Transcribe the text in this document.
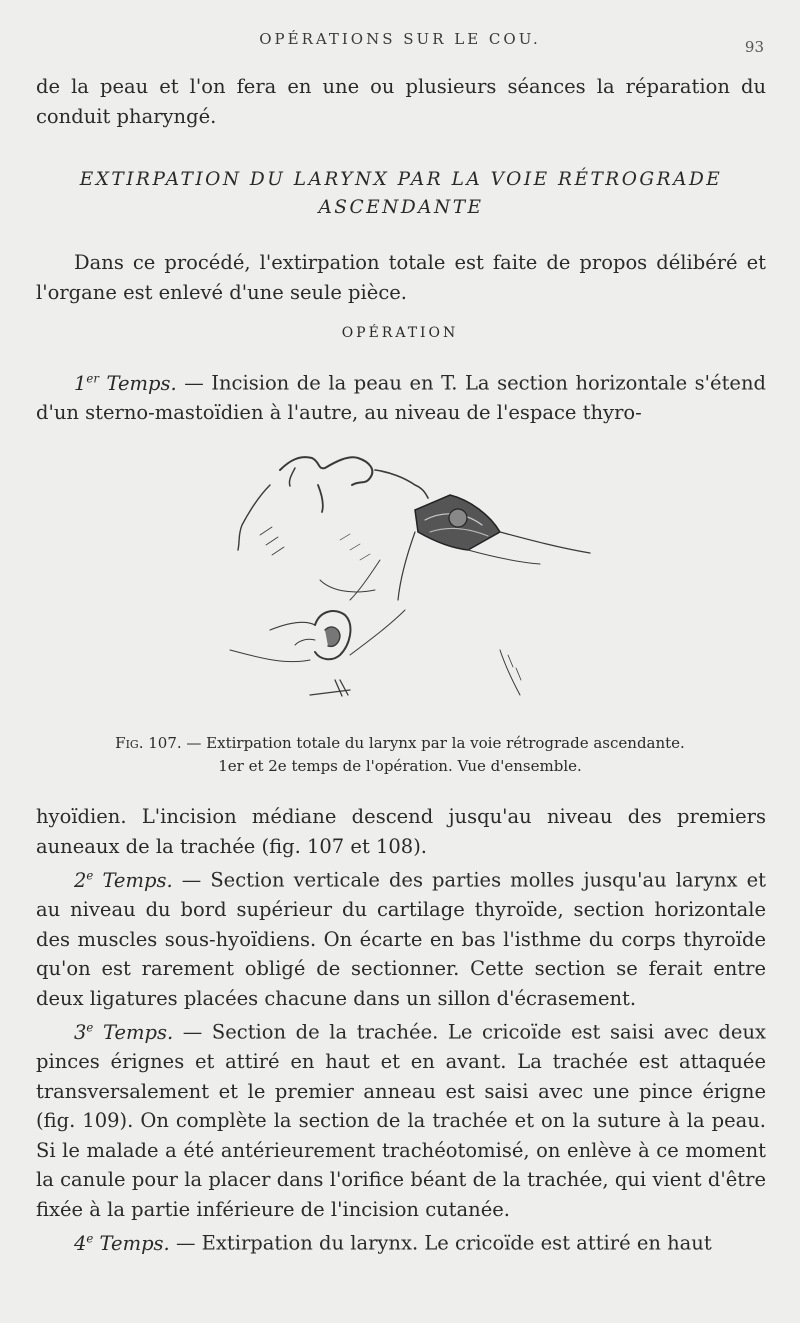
OPÉRATIONS SUR LE COU.	93

de la peau et l'on fera en une ou plusieurs séances la réparation du conduit pharyngé.

EXTIRPATION DU LARYNX PAR LA VOIE RÉTROGRADE
ASCENDANTE

Dans ce procédé, l'extirpation totale est faite de propos délibéré et l'organe est enlevé d'une seule pièce.

OPÉRATION

1er Temps. — Incision de la peau en T. La section horizontale s'étend d'un sterno-mastoïdien à l'autre, au niveau de l'espace thyro-

Fig. 107. — Extirpation totale du larynx par la voie rétrograde ascendante. 1er et 2e temps de l'opération. Vue d'ensemble.

hyoïdien. L'incision médiane descend jusqu'au niveau des premiers auneaux de la trachée (fig. 107 et 108).

2e Temps. — Section verticale des parties molles jusqu'au larynx et au niveau du bord supérieur du cartilage thyroïde, section horizontale des muscles sous-hyoïdiens. On écarte en bas l'isthme du corps thyroïde qu'on est rarement obligé de sectionner. Cette section se ferait entre deux ligatures placées chacune dans un sillon d'écrasement.

3e Temps. — Section de la trachée. Le cricoïde est saisi avec deux pinces érignes et attiré en haut et en avant. La trachée est attaquée transversalement et le premier anneau est saisi avec une pince érigne (fig. 109). On complète la section de la trachée et on la suture à la peau. Si le malade a été antérieurement trachéotomisé, on enlève à ce moment la canule pour la placer dans l'orifice béant de la trachée, qui vient d'être fixée à la partie inférieure de l'incision cutanée.

4e Temps. — Extirpation du larynx. Le cricoïde est attiré en haut
